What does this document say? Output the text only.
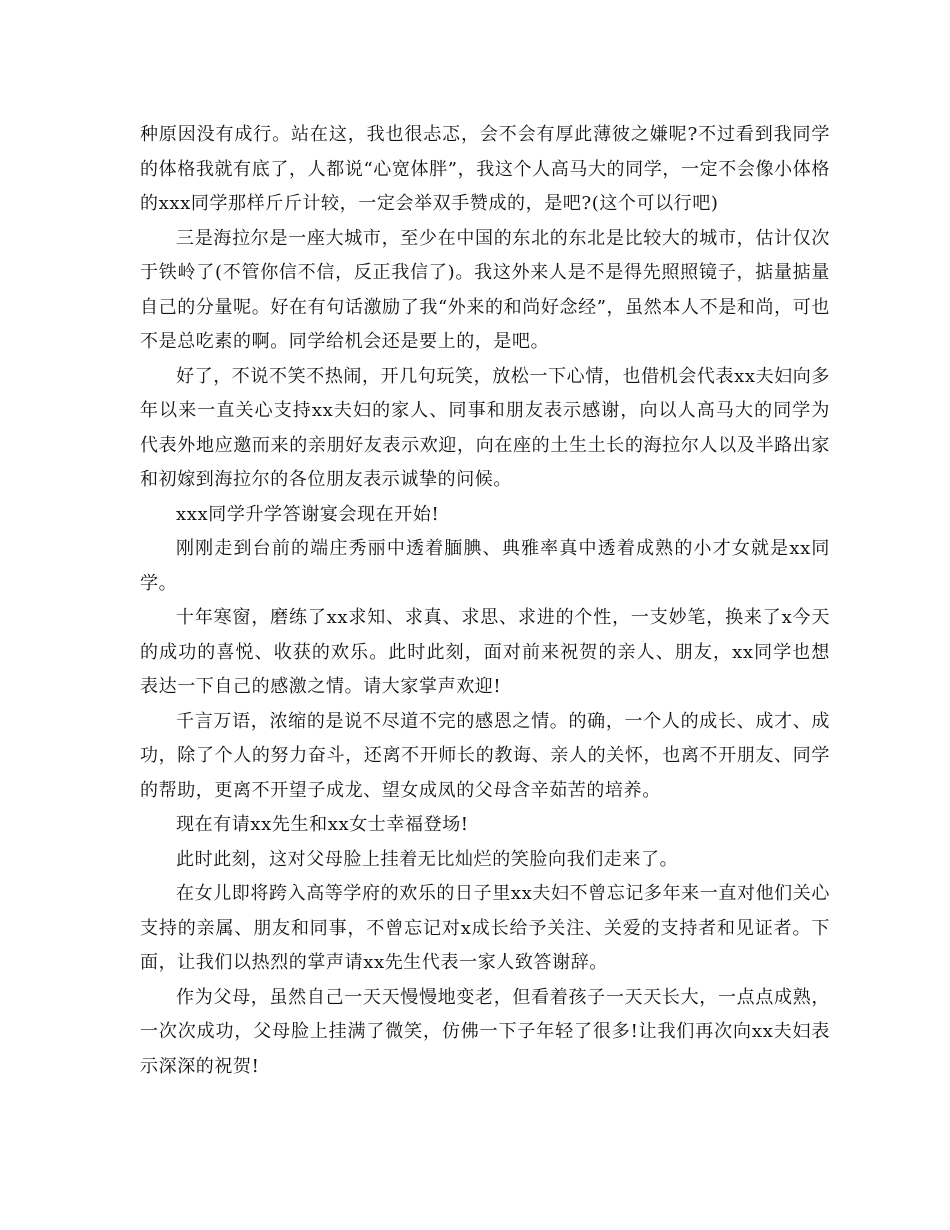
种原因没有成行。站在这，我也很忐忑，会不会有厚此薄彼之嫌呢?不过看到我同学的体格我就有底了，人都说“心宽体胖”，我这个人高马大的同学，一定不会像小体格的xxx同学那样斤斤计较，一定会举双手赞成的，是吧?(这个可以行吧)

三是海拉尔是一座大城市，至少在中国的东北的东北是比较大的城市，估计仅次于铁岭了(不管你信不信，反正我信了)。我这外来人是不是得先照照镜子，掂量掂量自己的分量呢。好在有句话激励了我“外来的和尚好念经”，虽然本人不是和尚，可也不是总吃素的啊。同学给机会还是要上的，是吧。

好了，不说不笑不热闹，开几句玩笑，放松一下心情，也借机会代表xx夫妇向多年以来一直关心支持xx夫妇的家人、同事和朋友表示感谢，向以人高马大的同学为代表外地应邀而来的亲朋好友表示欢迎，向在座的土生土长的海拉尔人以及半路出家和初嫁到海拉尔的各位朋友表示诚挚的问候。

xxx同学升学答谢宴会现在开始!

刚刚走到台前的端庄秀丽中透着腼腆、典雅率真中透着成熟的小才女就是xx同学。

十年寒窗，磨练了xx求知、求真、求思、求进的个性，一支妙笔，换来了x今天的成功的喜悦、收获的欢乐。此时此刻，面对前来祝贺的亲人、朋友，xx同学也想表达一下自己的感激之情。请大家掌声欢迎!

千言万语，浓缩的是说不尽道不完的感恩之情。的确，一个人的成长、成才、成功，除了个人的努力奋斗，还离不开师长的教诲、亲人的关怀，也离不开朋友、同学的帮助，更离不开望子成龙、望女成凤的父母含辛茹苦的培养。

现在有请xx先生和xx女士幸福登场!

此时此刻，这对父母脸上挂着无比灿烂的笑脸向我们走来了。

在女儿即将跨入高等学府的欢乐的日子里xx夫妇不曾忘记多年来一直对他们关心支持的亲属、朋友和同事，不曾忘记对x成长给予关注、关爱的支持者和见证者。下面，让我们以热烈的掌声请xx先生代表一家人致答谢辞。

作为父母，虽然自己一天天慢慢地变老，但看着孩子一天天长大，一点点成熟，一次次成功，父母脸上挂满了微笑，仿佛一下子年轻了很多!让我们再次向xx夫妇表示深深的祝贺!
